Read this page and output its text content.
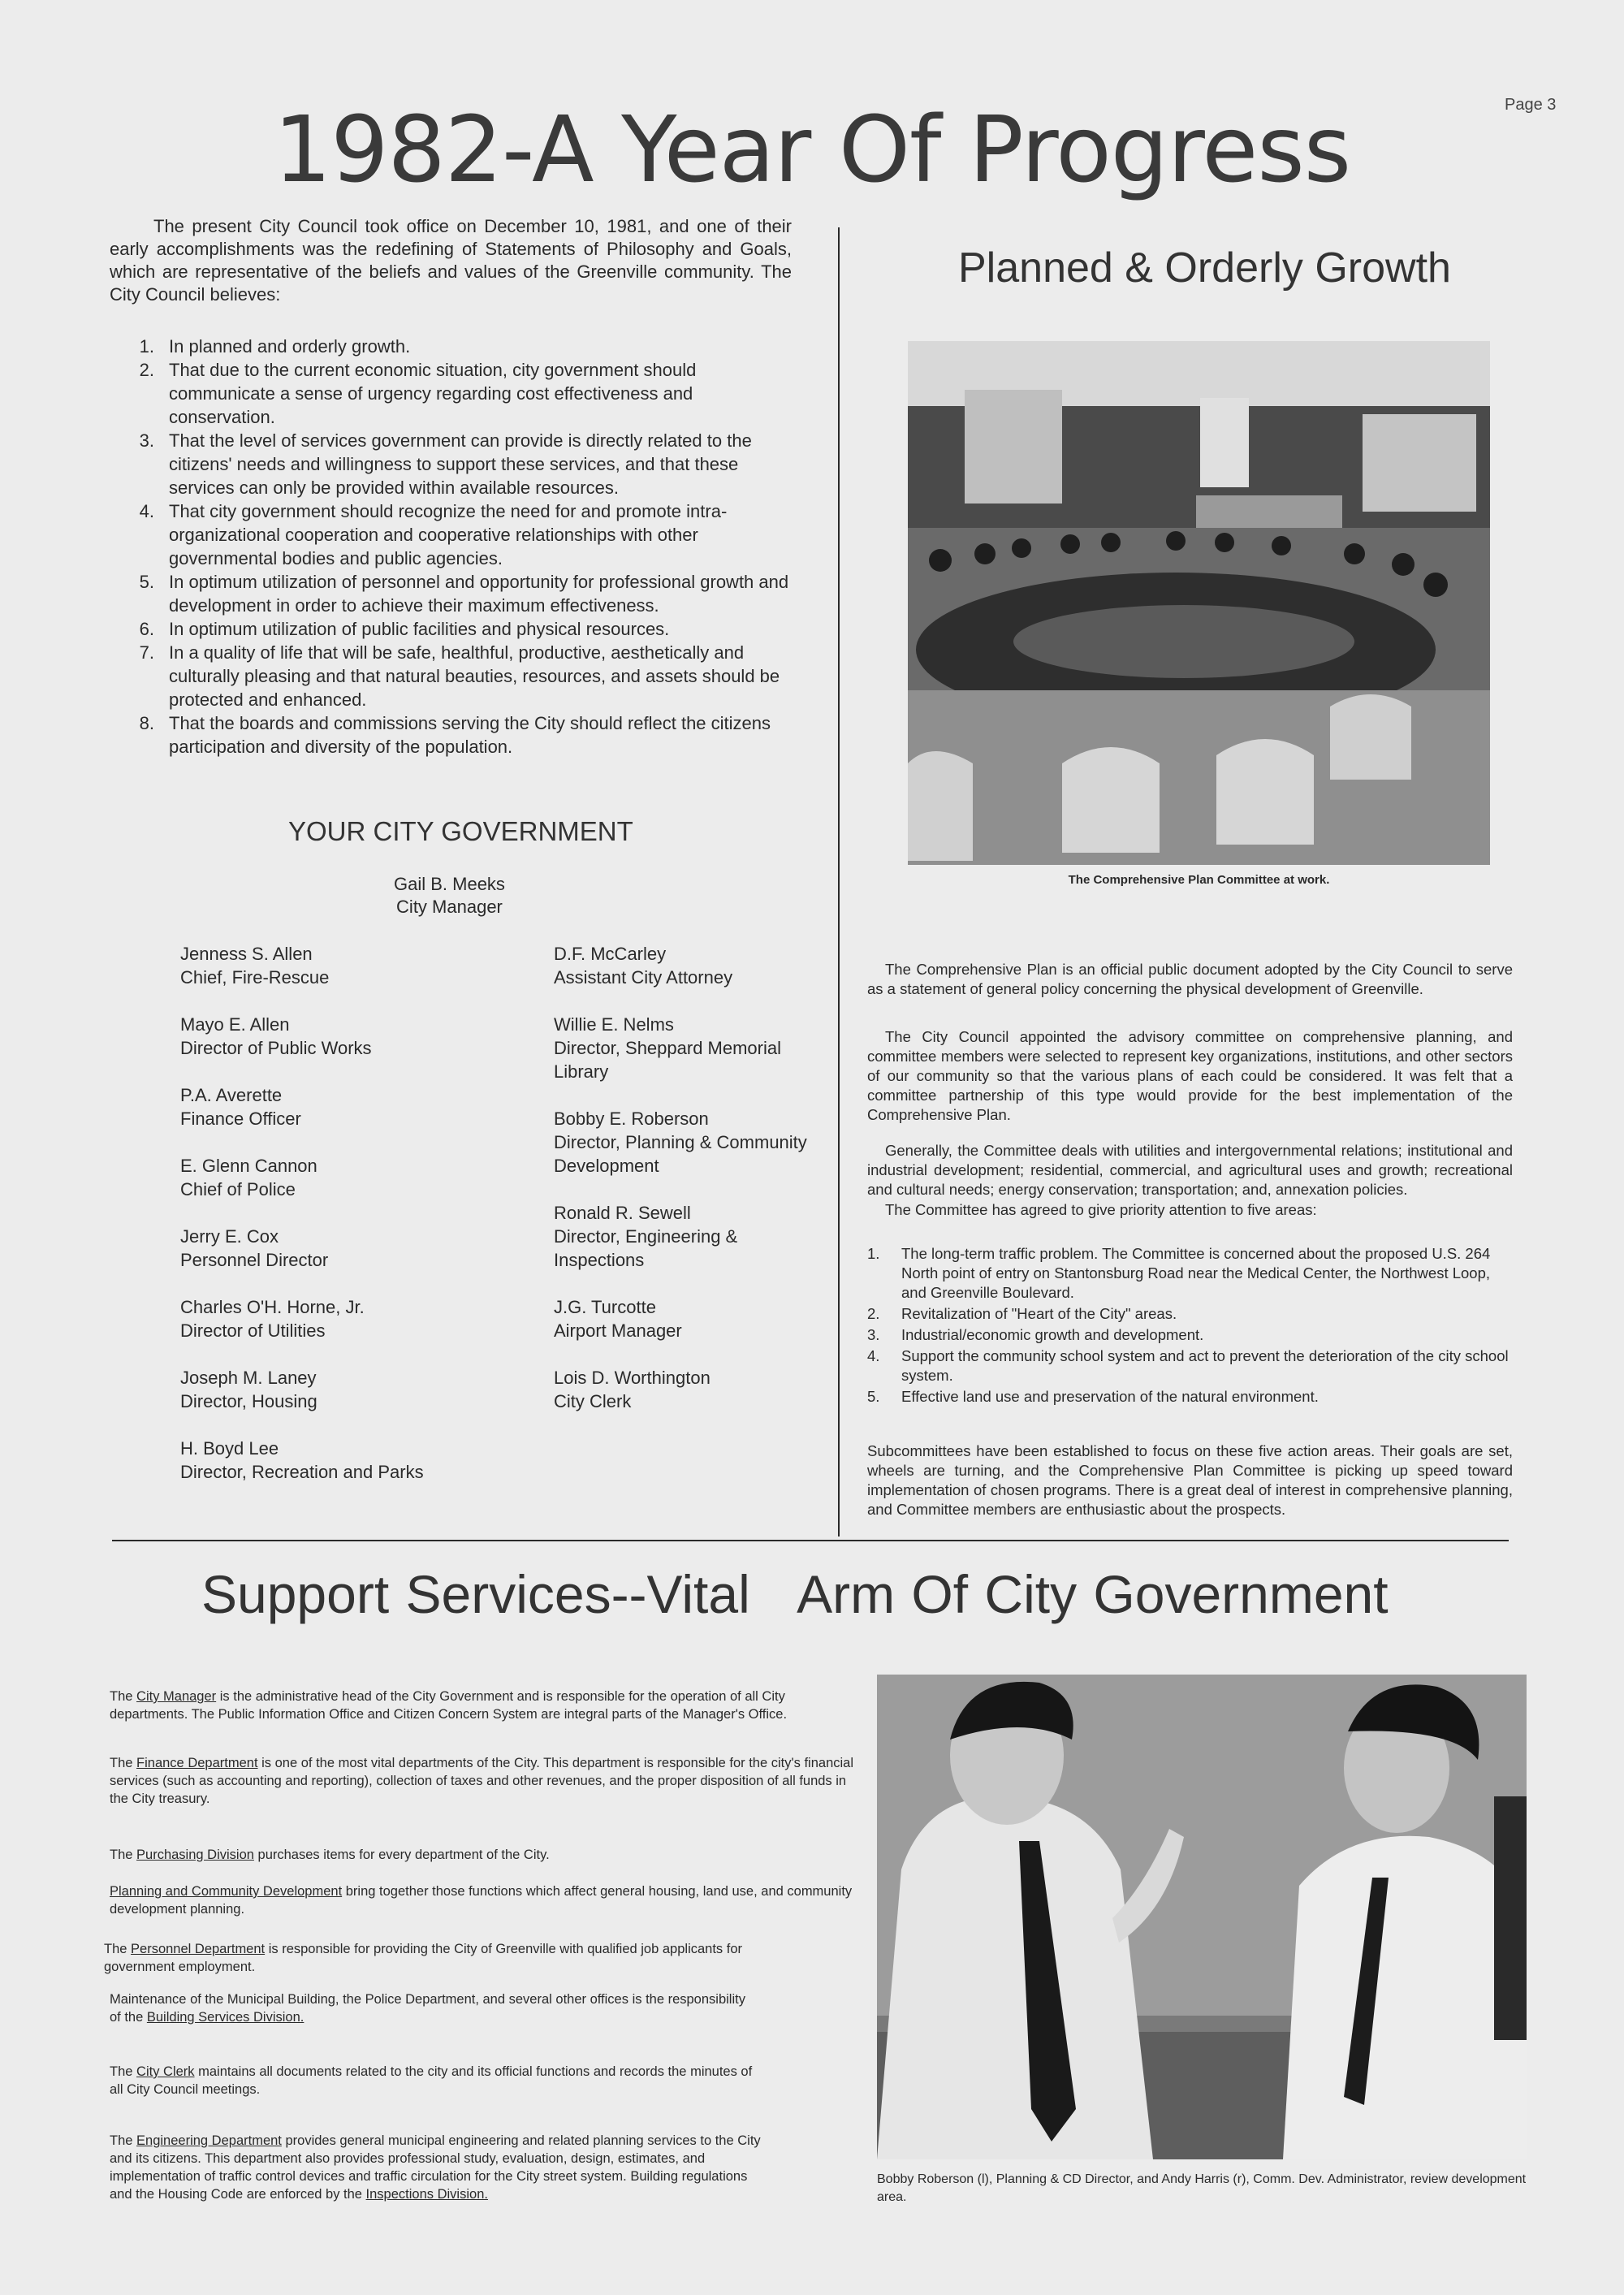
Page 3
1982-A Year Of Progress
The present City Council took office on December 10, 1981, and one of their early accomplishments was the redefining of Statements of Philosophy and Goals, which are representative of the beliefs and values of the Greenville community. The City Council believes:
1. In planned and orderly growth.
2. That due to the current economic situation, city government should communicate a sense of urgency regarding cost effectiveness and conservation.
3. That the level of services government can provide is directly related to the citizens' needs and willingness to support these services, and that these services can only be provided within available resources.
4. That city government should recognize the need for and promote intra-organizational cooperation and cooperative relationships with other governmental bodies and public agencies.
5. In optimum utilization of personnel and opportunity for professional growth and development in order to achieve their maximum effectiveness.
6. In optimum utilization of public facilities and physical resources.
7. In a quality of life that will be safe, healthful, productive, aesthetically and culturally pleasing and that natural beauties, resources, and assets should be protected and enhanced.
8. That the boards and commissions serving the City should reflect the citizens participation and diversity of the population.
YOUR CITY GOVERNMENT
Gail B. Meeks
City Manager
Jenness S. Allen
Chief, Fire-Rescue
Mayo E. Allen
Director of Public Works
P.A. Averette
Finance Officer
E. Glenn Cannon
Chief of Police
Jerry E. Cox
Personnel Director
Charles O'H. Horne, Jr.
Director of Utilities
Joseph M. Laney
Director, Housing
H. Boyd Lee
Director, Recreation and Parks
D.F. McCarley
Assistant City Attorney
Willie E. Nelms
Director, Sheppard Memorial Library
Bobby E. Roberson
Director, Planning & Community Development
Ronald R. Sewell
Director, Engineering & Inspections
J.G. Turcotte
Airport Manager
Lois D. Worthington
City Clerk
Planned & Orderly Growth
The Comprehensive Plan Committee at work.
The Comprehensive Plan is an official public document adopted by the City Council to serve as a statement of general policy concerning the physical development of Greenville.
The City Council appointed the advisory committee on comprehensive planning, and committee members were selected to represent key organizations, institutions, and other sectors of our community so that the various plans of each could be considered. It was felt that a committee partnership of this type would provide for the best implementation of the Comprehensive Plan.
Generally, the Committee deals with utilities and intergovernmental relations; institutional and industrial development; residential, commercial, and agricultural uses and growth; recreational and cultural needs; energy conservation; transportation; and, annexation policies.
The Committee has agreed to give priority attention to five areas:
1. The long-term traffic problem. The Committee is concerned about the proposed U.S. 264 North point of entry on Stantonsburg Road near the Medical Center, the Northwest Loop, and Greenville Boulevard.
2. Revitalization of "Heart of the City" areas.
3. Industrial/economic growth and development.
4. Support the community school system and act to prevent the deterioration of the city school system.
5. Effective land use and preservation of the natural environment.
Subcommittees have been established to focus on these five action areas. Their goals are set, wheels are turning, and the Comprehensive Plan Committee is picking up speed toward implementation of chosen programs. There is a great deal of interest in comprehensive planning, and Committee members are enthusiastic about the prospects.
Support Services--Vital   Arm Of City Government
The City Manager is the administrative head of the City Government and is responsible for the operation of all City departments. The Public Information Office and Citizen Concern System are integral parts of the Manager's Office.
The Finance Department is one of the most vital departments of the City. This department is responsible for the city's financial services (such as accounting and reporting), collection of taxes and other revenues, and the proper disposition of all funds in the City treasury.
The Purchasing Division purchases items for every department of the City.
Planning and Community Development bring together those functions which affect general housing, land use, and community development planning.
The Personnel Department is responsible for providing the City of Greenville with qualified job applicants for government employment.
Maintenance of the Municipal Building, the Police Department, and several other offices is the responsibility of the Building Services Division.
The City Clerk maintains all documents related to the city and its official functions and records the minutes of all City Council meetings.
The Engineering Department provides general municipal engineering and related planning services to the City and its citizens. This department also provides professional study, evaluation, design, estimates, and implementation of traffic control devices and traffic circulation for the City street system. Building regulations and the Housing Code are enforced by the Inspections Division.
Bobby Roberson (l), Planning & CD Director, and Andy Harris (r), Comm. Dev. Administrator, review development area.
